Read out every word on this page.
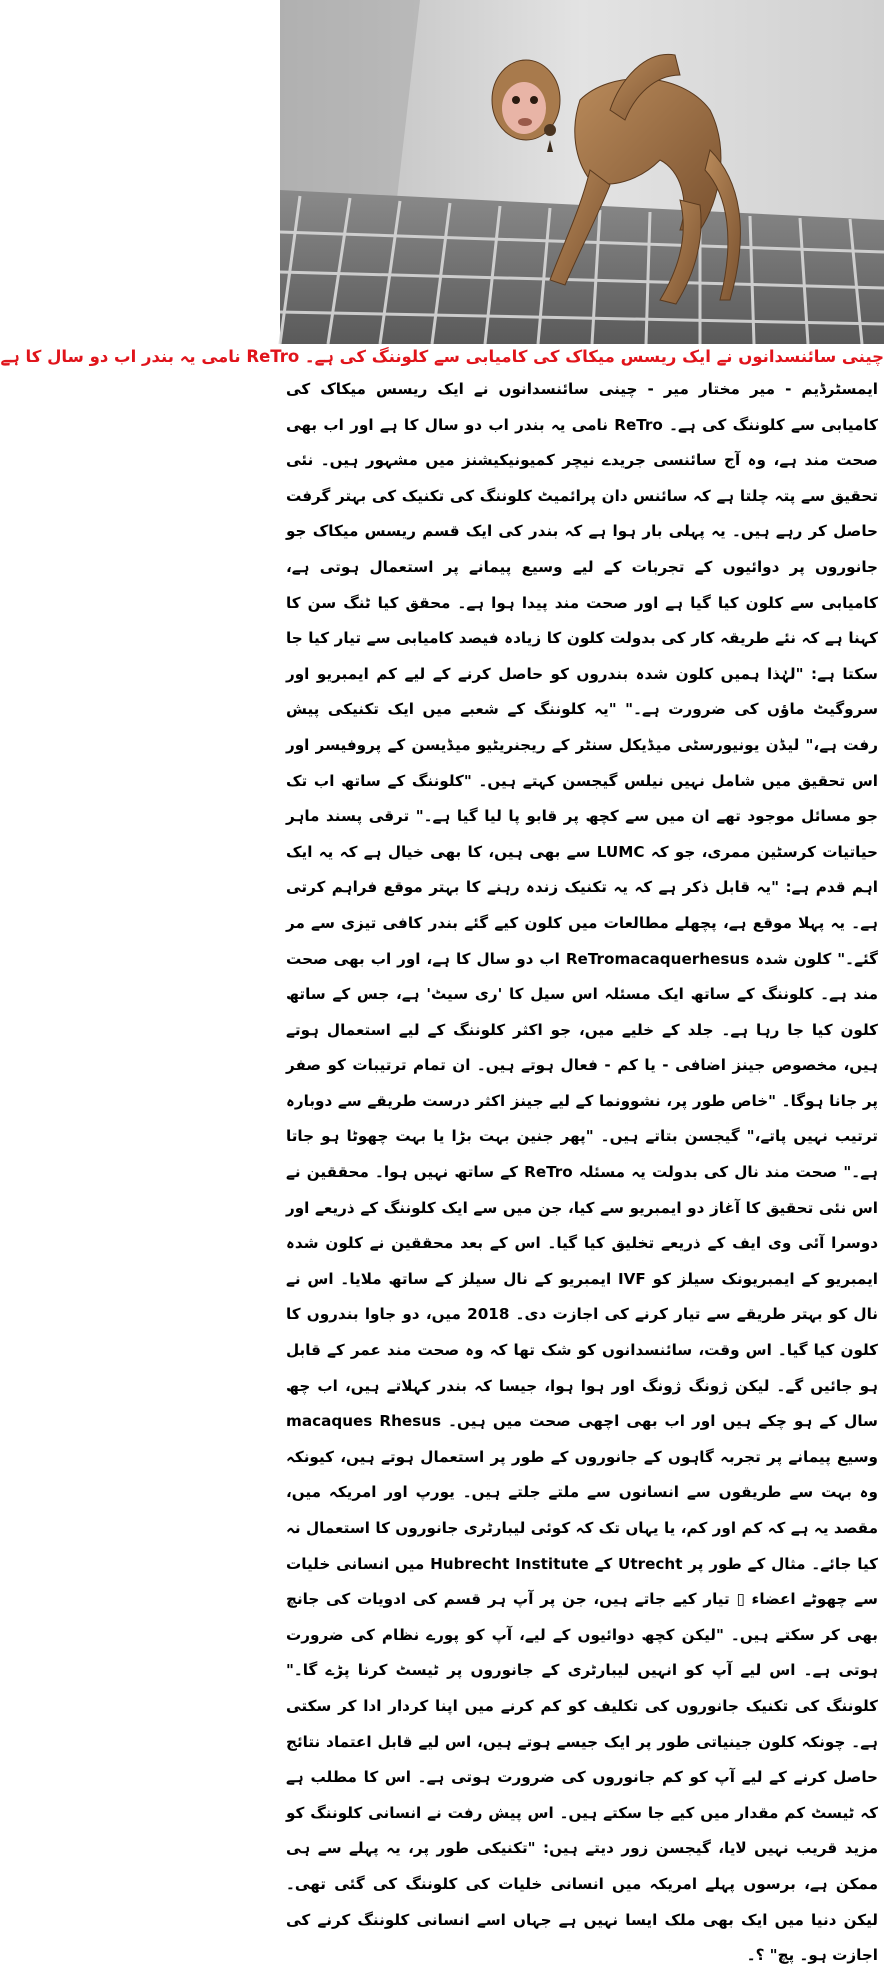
چینی سائنسدانوں نے ایک ریسس میکاک کی کامیابی سے کلوننگ کی ہے۔ ReTro نامی یہ بندر اب دو سال کا ہے
ایمسٹرڈیم - میر مختار میر - چینی سائنسدانوں نے ایک ریسس میکاک کی کامیابی سے کلوننگ کی ہے۔ ReTro نامی یہ بندر اب دو سال کا ہے اور اب بھی صحت مند ہے، وہ آج سائنسی جریدے نیچر کمیونیکیشنز میں مشہور ہیں۔ نئی تحقیق سے پتہ چلتا ہے کہ سائنس دان پرائمیٹ کلوننگ کی تکنیک کی بہتر گرفت حاصل کر رہے ہیں۔ یہ پہلی بار ہوا ہے کہ بندر کی ایک قسم ریسس میکاک جو جانوروں پر دوائیوں کے تجربات کے لیے وسیع پیمانے پر استعمال ہوتی ہے، کامیابی سے کلون کیا گیا ہے اور صحت مند پیدا ہوا ہے۔ محقق کیا ٹنگ سن کا کہنا ہے کہ نئے طریقہ کار کی بدولت کلون کا زیادہ فیصد کامیابی سے تیار کیا جا سکتا ہے: "لہٰذا ہمیں کلون شدہ بندروں کو حاصل کرنے کے لیے کم ایمبریو اور سروگیٹ ماؤں کی ضرورت ہے۔" "یہ کلوننگ کے شعبے میں ایک تکنیکی پیش رفت ہے،" لیڈن یونیورسٹی میڈیکل سنٹر کے ریجنریٹیو میڈیسن کے پروفیسر اور اس تحقیق میں شامل نہیں نیلس گیجسن کہتے ہیں۔ "کلوننگ کے ساتھ اب تک جو مسائل موجود تھے ان میں سے کچھ پر قابو پا لیا گیا ہے۔" ترقی پسند ماہر حیاتیات کرسٹین ممری، جو کہ LUMC سے بھی ہیں، کا بھی خیال ہے کہ یہ ایک اہم قدم ہے: "یہ قابل ذکر ہے کہ یہ تکنیک زندہ رہنے کا بہتر موقع فراہم کرتی ہے۔ یہ پہلا موقع ہے، پچھلے مطالعات میں کلون کیے گئے بندر کافی تیزی سے مر گئے۔" کلون شدہ ReTromacaquerhesus اب دو سال کا ہے، اور اب بھی صحت مند ہے۔ کلوننگ کے ساتھ ایک مسئلہ اس سیل کا 'ری سیٹ' ہے، جس کے ساتھ کلون کیا جا رہا ہے۔ جلد کے خلیے میں، جو اکثر کلوننگ کے لیے استعمال ہوتے ہیں، مخصوص جینز اضافی - یا کم - فعال ہوتے ہیں۔ ان تمام ترتیبات کو صفر پر جانا ہوگا۔ "خاص طور پر، نشوونما کے لیے جینز اکثر درست طریقے سے دوبارہ ترتیب نہیں پاتے،" گیجسن بتاتے ہیں۔ "پھر جنین بہت بڑا یا بہت چھوٹا ہو جاتا ہے۔" صحت مند نال کی بدولت یہ مسئلہ ReTro کے ساتھ نہیں ہوا۔ محققین نے اس نئی تحقیق کا آغاز دو ایمبریو سے کیا، جن میں سے ایک کلوننگ کے ذریعے اور دوسرا آئی وی ایف کے ذریعے تخلیق کیا گیا۔ اس کے بعد محققین نے کلون شدہ ایمبریو کے ایمبریونک سیلز کو IVF ایمبریو کے نال سیلز کے ساتھ ملایا۔ اس نے نال کو بہتر طریقے سے تیار کرنے کی اجازت دی۔ 2018 میں، دو جاوا بندروں کا کلون کیا گیا۔ اس وقت، سائنسدانوں کو شک تھا کہ وہ صحت مند عمر کے قابل ہو جائیں گے۔ لیکن ژونگ ژونگ اور ہوا ہوا، جیسا کہ بندر کہلاتے ہیں، اب چھ سال کے ہو چکے ہیں اور اب بھی اچھی صحت میں ہیں۔ macaques Rhesus وسیع پیمانے پر تجربہ گاہوں کے جانوروں کے طور پر استعمال ہوتے ہیں، کیونکہ وہ بہت سے طریقوں سے انسانوں سے ملتے جلتے ہیں۔ یورپ اور امریکہ میں، مقصد یہ ہے کہ کم اور کم، یا یہاں تک کہ کوئی لیبارٹری جانوروں کا استعمال نہ کیا جائے۔ مثال کے طور پر Utrecht کے Hubrecht Institute میں انسانی خلیات سے چھوٹے اعضاء ▯ تیار کیے جاتے ہیں، جن پر آپ ہر قسم کی ادویات کی جانچ بھی کر سکتے ہیں۔ "لیکن کچھ دوائیوں کے لیے، آپ کو پورے نظام کی ضرورت ہوتی ہے۔ اس لیے آپ کو انہیں لیبارٹری کے جانوروں پر ٹیسٹ کرنا پڑے گا۔" کلوننگ کی تکنیک جانوروں کی تکلیف کو کم کرنے میں اپنا کردار ادا کر سکتی ہے۔ چونکہ کلون جینیاتی طور پر ایک جیسے ہوتے ہیں، اس لیے قابل اعتماد نتائج حاصل کرنے کے لیے آپ کو کم جانوروں کی ضرورت ہوتی ہے۔ اس کا مطلب ہے کہ ٹیسٹ کم مقدار میں کیے جا سکتے ہیں۔ اس پیش رفت نے انسانی کلوننگ کو مزید قریب نہیں لایا، گیجسن زور دیتے ہیں: "تکنیکی طور پر، یہ پہلے سے ہی ممکن ہے، برسوں پہلے امریکہ میں انسانی خلیات کی کلوننگ کی گئی تھی۔ لیکن دنیا میں ایک بھی ملک ایسا نہیں ہے جہاں اسے انسانی کلوننگ کرنے کی اجازت ہو۔ پچ" ؟۔
